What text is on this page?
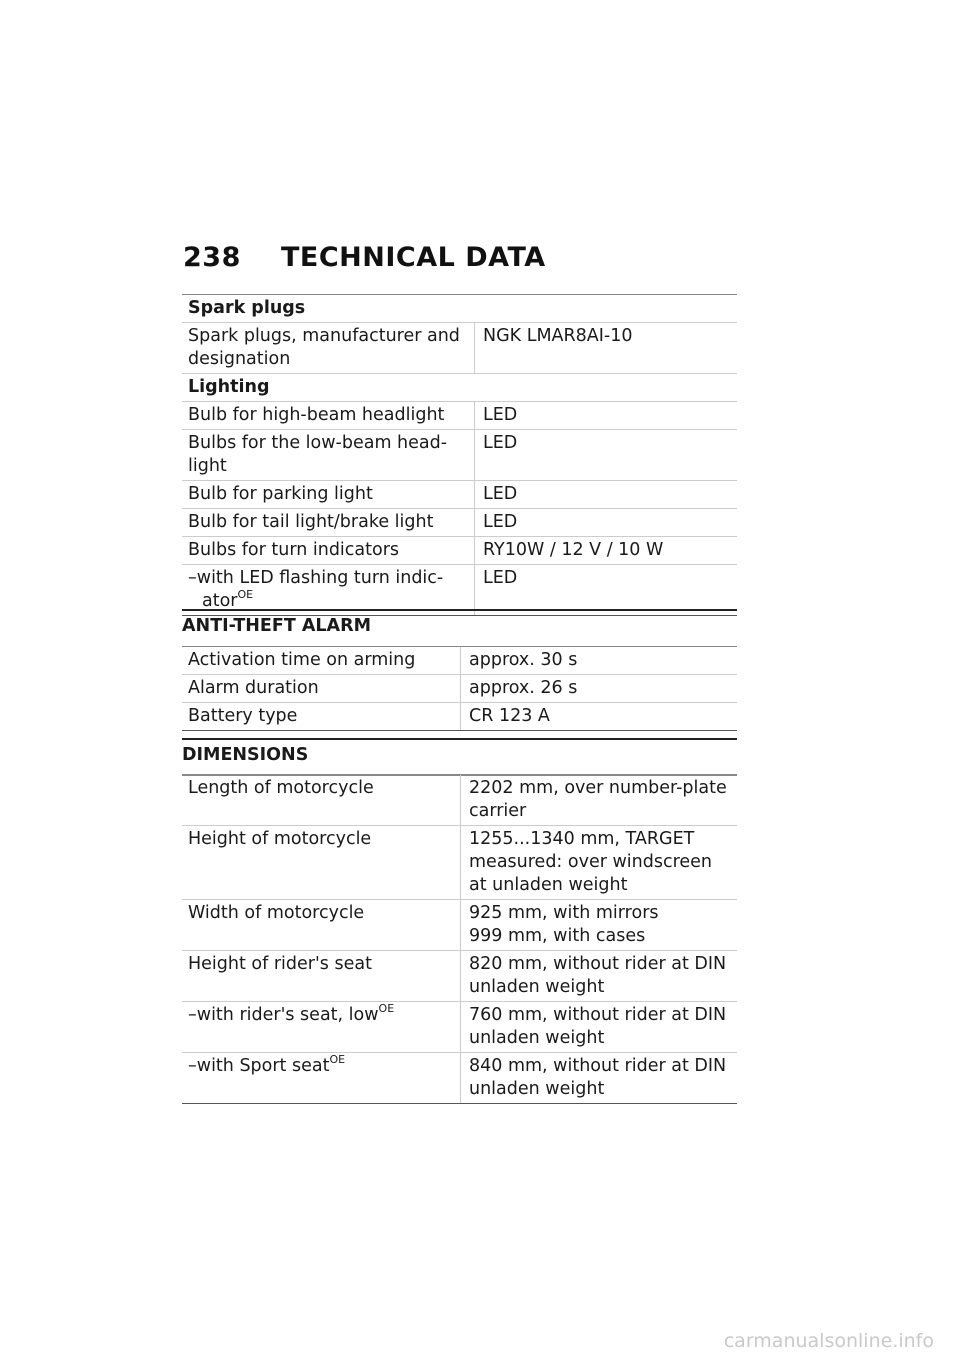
238 TECHNICAL DATA
Spark plugs	
Spark plugs, manufacturer and designation	NGK LMAR8AI-10
Lighting	
Bulb for high-beam headlight	LED
Bulbs for the low-beam head-light	LED
Bulb for parking light	LED
Bulb for tail light/brake light	LED
Bulbs for turn indicators	RY10W / 12 V / 10 W
–with LED flashing turn indic-ator$^{OE}$	LED
ANTI-THEFT ALARM
Activation time on arming	approx. 30 s
Alarm duration	approx. 26 s
Battery type	CR 123 A
DIMENSIONS
Length of motorcycle	2202 mm, over number-plate carrier
Height of motorcycle	1255...1340 mm, TARGET
measured: over windscreen
at unladen weight

Width of motorcycle	925 mm, with mirrors
999 mm, with cases

Height of rider's seat	820 mm, without rider at DIN unladen weight
–with rider's seat, low$^{OE}$	760 mm, without rider at DIN unladen weight
–with Sport seat$^{OE}$	840 mm, without rider at DIN unladen weight
carmanualsonline.info
